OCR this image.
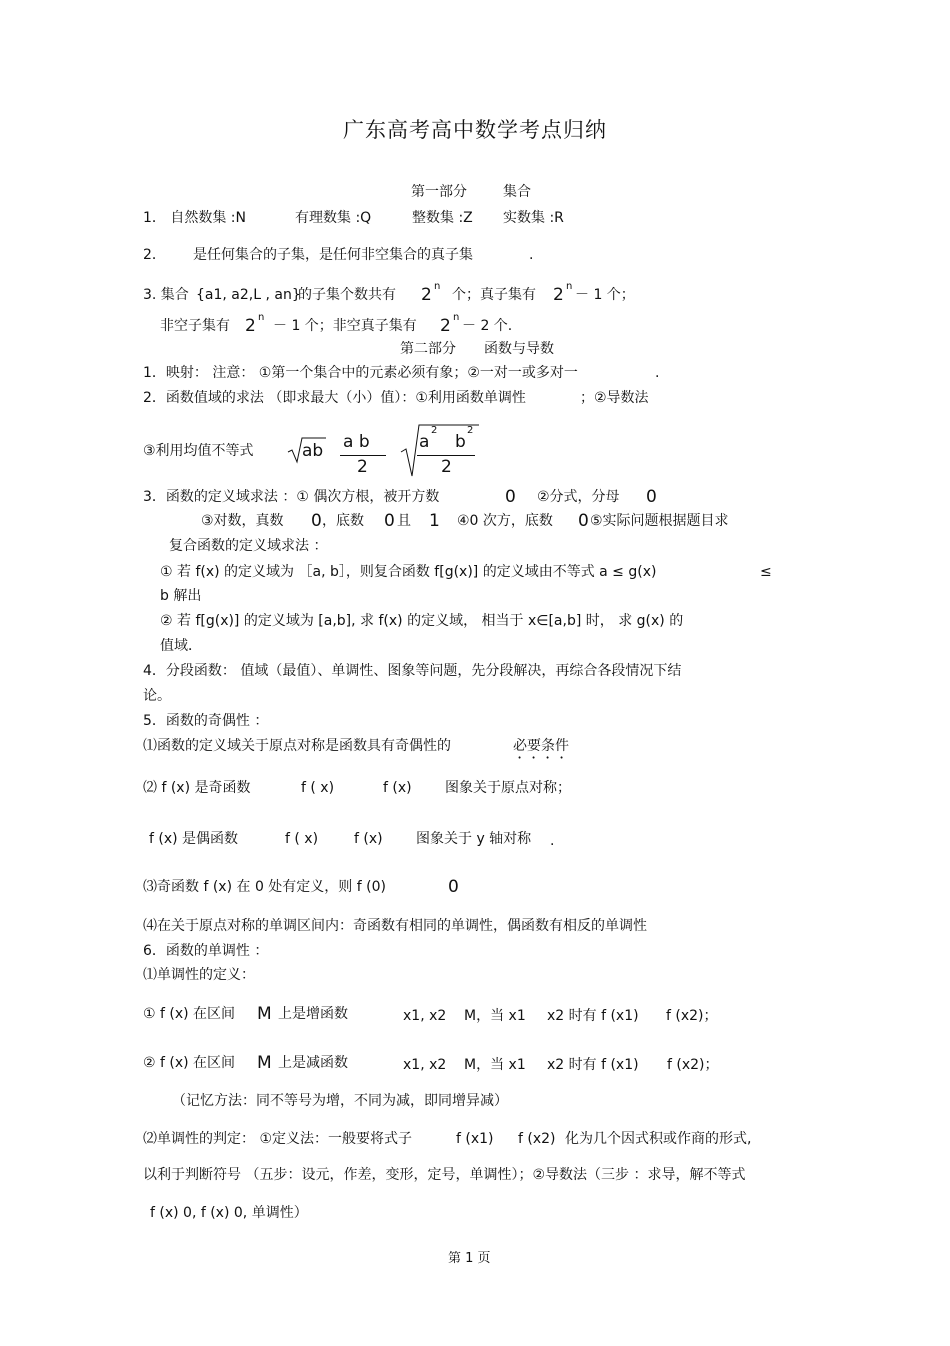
广东高考高中数学考点归纳
第一部分	集合
1． 自然数集 :N	有理数集 :Q	整数集 :Z 实数集 :R
2． 是任何集合的子集，是任何非空集合的真子集	.
3. 集合 {a1, a2,L , an}
的子集个数共有 2 n
个；真子集有 2 n
－ 1 个；
非空子集有 2 n
－ 1 个；非空真子集有 2 n
－ 2 个.
第二部分 函数与导数
1．映射： 注意： ①第一个集合中的元素必须有象；②一对一或多对一	.
2．函数值域的求法 （即求最大（小）值）：①利用函数单调性	；②导数法
③利用均值不等式	ab a b
2
a
2
b
2
2
3．函数的定义域求法 ：① 偶次方根，被开方数	0 ②分式，分母 0
③对数，真数 0 ，底数 0 且 1 ④0 次方，底数 0 ⑤实际问题根据题目求
复合函数的定义域求法 ：
① 若 f(x) 的定义域为 ［a, b］，则复合函数 f[g(x)] 的定义域由不等式 a ≤ g(x)	≤
b 解出
② 若 f[g(x)] 的定义域为 [a,b], 求 f(x) 的定义域， 相当于 x∈[a,b] 时， 求 g(x) 的
值域．
4．分段函数： 值域（最值）、单调性、图象等问题，先分段解决，再综合各段情况下结
论。
5．函数的奇偶性 ：
⑴函数的定义域关于原点对称是函数具有奇偶性的	必要条件
⑵ f (x) 是奇函数	f ( x)	f (x) 图象关于原点对称；
f (x) 是偶函数	f ( x)	f (x) 图象关于 y 轴对称 .
⑶奇函数 f (x) 在 0 处有定义，则 f (0)	0
⑷在关于原点对称的单调区间内：奇函数有相同的单调性，偶函数有相反的单调性
6．函数的单调性 ：
⑴单调性的定义：
① f (x) 在区间 M 上是增函数	x1, x2 M，当 x1 x2 时有 f (x1) f (x2)；
② f (x) 在区间 M 上是减函数	x1, x2 M，当 x1 x2 时有 f (x1) f (x2)；
（记忆方法：同不等号为增，不同为减，即同增异减）
⑵单调性的判定： ①定义法：一般要将式子	f (x1) f (x2) 化为几个因式积或作商的形式,
以利于判断符号 （五步：设元，作差，变形，定号，单调性）；②导数法（三步 ：求导，解不等式
f (x) 0, f (x) 0, 单调性）
第 1 页
